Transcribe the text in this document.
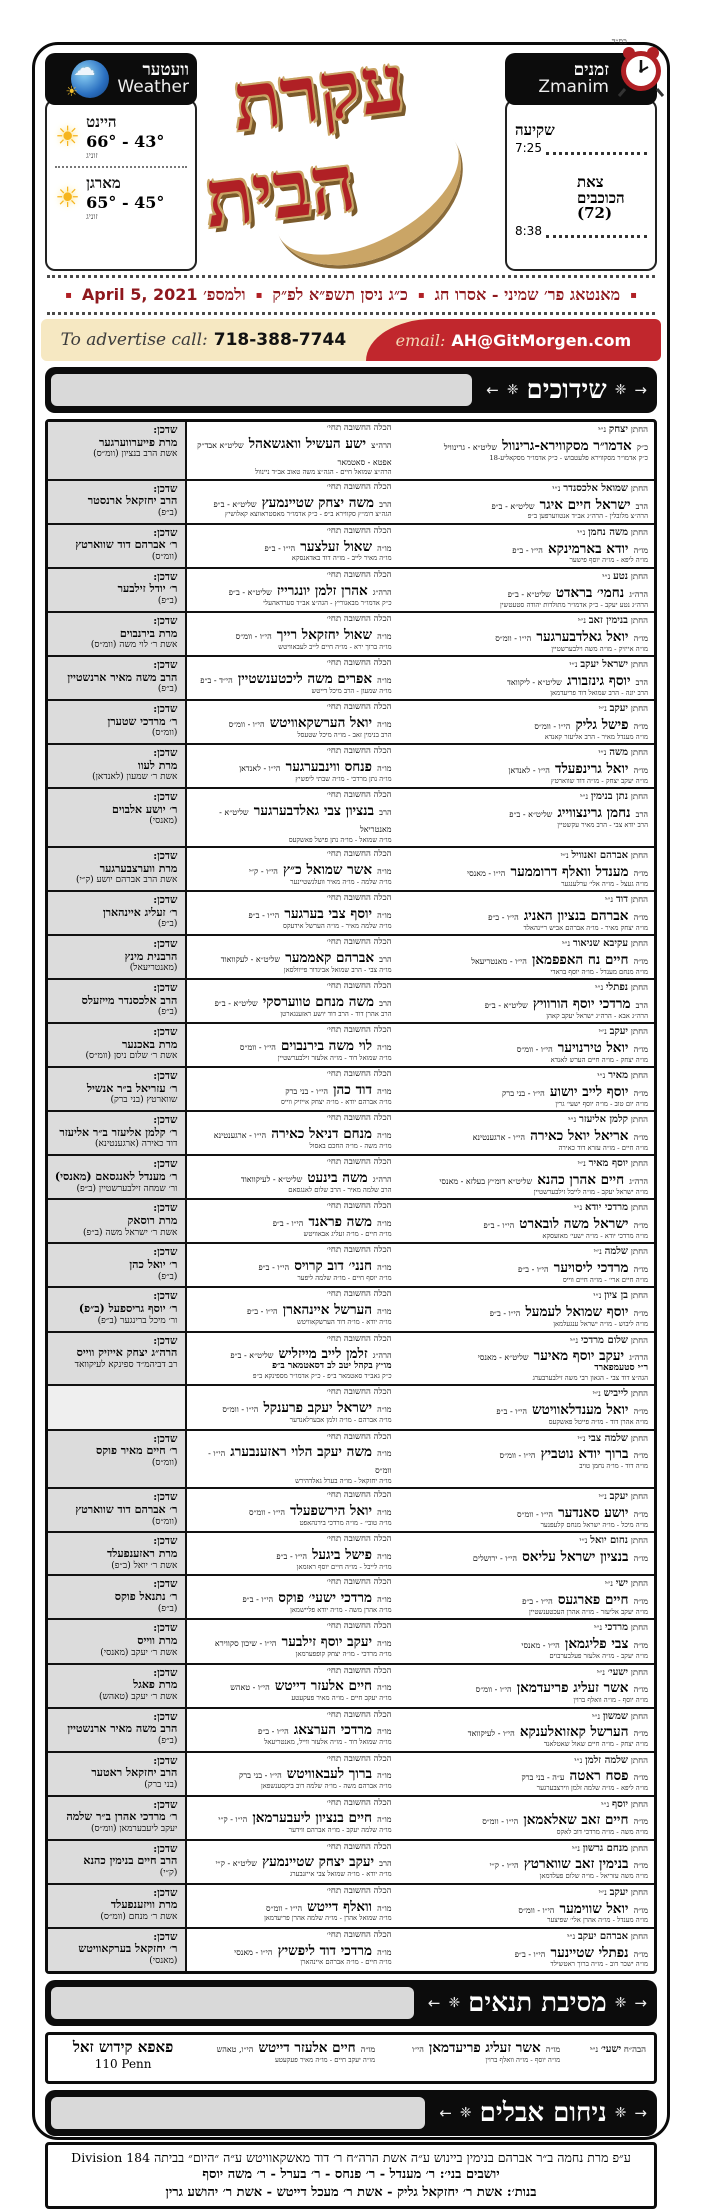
בס״ד
☁
☀
וועטער
Weather
היינט
66° - 43°
זוניג
☀
מארגן
65° - 45°
זוניג
☀
עקרת
הבית
זמנים
Zmanim
שקיעה
7:25
צאת הכוכבים (72)
8:38
▪מאנטאג פר׳ שמיני - אסרו חג▪כ״ג ניסן תשפ״א לפ״ק▪ולמספ׳ April 5, 2021▪
To advertise call: 718-388-7744	email: AH@GitMorgen.com
→
❈
שידוכים
❈
←
החתן יצחק נ״י
כ״ק אדמו״ר מסקווירא-גרינוול שליט״א - גרינוויל
כ״ק אדמו״ר מסקווירא פלעטבוש - כ״ק אדמו״ר מסקאליע-18
הכלה החשובה תחי׳
הרה״צ ישע העשיל וואגשאהל שליט״א אבד״ק אפטא - סאטמאר
הרה״צ שמואל חיים - הגה״צ משה טאוב אב״ד ניינוול
שדכן:
מרת פייערווערגער
אשת הרב בנציון (וומ״ס)
החתן שמואל אלכסנדר נ״י
הרב ישראל חיים איגר שליט״א - ב״פ
הרה״צ מלובלין - הרה״ג אב״ד אנטווערפען ב״פ
הכלה החשובה תחי׳
הרב משה יצחק שטיינמעץ שליט״א - ב״פ
הגה״צ דומ״ץ סקווירא ב״פ - כ״ק אדמו״ר מאסטראווצא קאלושיץ
שדכן:
הרב יחזקאל ארנסטר
(ב״פ)
החתן משה נחמן נ״י
מו״ה יודא בארמינקא הי״ו - ב״פ
מו״ה ליפא - מו״ה יוסף פישער
הכלה החשובה תחי׳
מו״ה שאול זעלצער הי״ו - ב״פ
מו״ה מאיר לייב - מו״ה דוד באדאנסקא
שדכן:
ר׳ אברהם דוד שווארטץ
(וומ״ס)
החתן נטע נ״י
הרה״ג נחמי׳ בראדט שליט״א - ב״פ
הרה״ג נטע יעקב - כ״ק אדמו״ר מתולדות יהודה סטעטשין
הכלה החשובה תחי׳
הרה״ג אהרן זלמן יונגרייז שליט״א - ב״פ
כ״ק אדמו״ר מבאגוריץ - הגה״צ אב״ד סערדאהעלי
שדכן:
ר׳ יודל זילבער
(ב״פ)
החתן בנימין זאב נ״י
מו״ה יואל גאלדבערגער הי״ו - וומ״ס
מו״ה אייזיק - מו״ה משה וילבערשטיין
הכלה החשובה תחי׳
מו״ה שאול יחזקאל רייך הי״ו - וומ״ס
מו״ה ברוך ירא - מו״ה חיים לייב לעבאוויטש
שדכן:
מרת בירנבוים
אשת ר׳ לוי משה (וומ״ס)
החתן ישראל יעקב נ״י
הרב יוסף גינזבורג שליט״א - ליקוואד
הרב יונה - הרב שמואל דוד פריעדמאן
הכלה החשובה תחי׳
מו״ה אפרים משה ליכטענשטיין הי״ד - ב״פ
מו״ה שמעון - הרב מיכל דייטש
שדכן:
הרב משה מאיר ארנשטיין
(ב״פ)
החתן יעקב נ״י
מו״ה פישל גליק הי״ו - וומ״ס
מו״ה מענדל מאיר - הרב אליעזר קאנדא
הכלה החשובה תחי׳
מו״ה יואל הערשקאוויטש הי״ו - וומ״ס
הרב בנימין זאב - מו״ה מיכל שטעסל
שדכן:
ר׳ מרדכי שטערן
(וומ״ס)
החתן משה נ״י
מו״ה יואל גרינפעלד הי״ו - לאנדאן
מו״ה יעקב יצחק - מו״ה דוד שווארטץ
הכלה החשובה תחי׳
מו״ה פנחס ווינבערגער הי״ו - לאנדאן
מו״ה נתן מרדכי - מו״ה שבתי ליפשיץ
שדכן:
מרת לעוו
אשת ר׳ שמעון (לאנדאן)
החתן נתן בנימין נ״י
הרב נחמן גרינצווייג שליט״א - ב״פ
הרב יודא צבי - הרב מאיר עקשטיין
הכלה החשובה תחי׳
הרב בנציון צבי גאלדבערגער שליט״א - מאנטריאל
מו״ה שמואל - מו״ה נתן פישל פאשקעס
שדכן:
ר׳ יושע אלבוים
(מאנסי)
החתן אברהם זאנוויל נ״י
מו״ה מענדל וואלף דרוממער הי״ו - מאנסי
מו״ה געצל - מו״ה אלי׳ ערלענגער
הכלה החשובה תחי׳
מו״ה אשר שמואל כ״ץ הי״ו - ק״י
מו״ה שלמה - מו״ה מאיר וועלנשטיינער
שדכן:
מרת ווערצבערגער
אשת הרב אברהם יושע (ק״י)
החתן דוד נ״י
מו״ה אברהם בנציון האניג הי״ו - ב״פ
מו״ה יצחק מאיר - מו״ה אברהם אביש ריינהאלד
הכלה החשובה תחי׳
מו״ה יוסף צבי בערגער הי״ו - ב״פ
מו״ה שלמה מאיר - מו״ה הערשל אידעקס
שדכן:
ר׳ זעליג איינהארן
(ב״פ)
החתן עקיבא שניאור נ״י
מו״ה חיים נח האפפמאן הי״ו - מאנטריעאל
מו״ה מנחם מענדל - מו״ה יוסף בראדי
הכלה החשובה תחי׳
הרב אברהם קאממער שליט״א - לעקוואוד
מו״ה צבי - הרב שמואל אביגדור פייוולסאן
שדכן:
הרבנית מינץ
(מאנטריעאל)
החתן נפתלי נ״י
הרב מרדכי יוסף הורוויץ שליט״א - ב״פ
הרה״ג אבא - הרה״ג ישראל יעקב קאהן
הכלה החשובה תחי׳
הרב משה מנחם טווערסקי שליט״א - ב״פ
הרב אהרן דוד - הרב דוד יושע ראזענגארטן
שדכן:
הרב אלכסנדר מייזעלס
(ב״פ)
החתן יעקב נ״י
מו״ה יואל טירנויער הי״ו - וומ״ס
מו״ה יצחק - מו״ה חיים הערש לאנדא
הכלה החשובה תחי׳
מו״ה לוי משה בירנבוים הי״ו - וומ״ס
מו״ה שמואל דוד - מו״ה אלעזר זילבערשטיין
שדכן:
מרת באכנער
אשת ר׳ שלום ניסן (וומ״ס)
החתן מאיר נ״י
מו״ה יוסף לייב יושוע הי״ו - בני ברק
מו״ה יום טוב - מו״ה יוסף ישעי׳ גרין
הכלה החשובה תחי׳
מו״ה דוד כהן הי״ו - בני ברק
מו״ה אברהם יודא - מו״ה יצחק אייזיק ווייס
שדכן:
ר׳ עזריאל ב״ר אנשיל
שווארטץ (בני ברק)
החתן קלמן אליעזר נ״י
מו״ה אריאל יואל כאירה הי״ו - ארגענטינא
מו״ה חיים - מו״ה עזרא דוד כאירה
הכלה החשובה תחי׳
מו״ה מנחם דניאל כאירה הי״ו - ארגענטינא
מו״ה משה - מו״ה החכם באסול
שדכן:
ר׳ קלמן אליעזר ב״ר אליעזר
דוד כאירה (ארגענטינא)
החתן יוסף מאיר נ״י
הרה״ג חיים אהרן כהנא שליט״א דומ״ץ בעלזא - מאנסי
מו״ה ישראל יעקב - מו״ה לייבל זילבערשטיין
הכלה החשובה תחי׳
הרה״ג משה בינעט שליט״א - לעיקוואוד
הרב שלמה מאיר - הרב שלום לאנגסאם
שדכן:
ר׳ מענדל לאנגסאם (מאנסי)
ור׳ שמחה זילבערשטיין (ב״פ)
החתן מרדכי יודא נ״י
מו״ה ישראל משה לובארט הי״ו - ב״פ
מו״ה מרדכי יודא - מו״ה ישעי׳ מאזעסקא
הכלה החשובה תחי׳
מו״ה משה פראנד הי״ו - ב״פ
מו״ה חיים - מו״ה זעליג אבאוויטש
שדכן:
מרת רוסאק
אשת ר׳ ישראל משה (ב״פ)
החתן שלמה נ״י
מו״ה מרדכי ליסויער הי״ו - ב״פ
מו״ה חיים ארי׳ - מו״ה חיים ווייס
הכלה החשובה תחי׳
מו״ה חנני׳ דוב קרויס הי״ו - ב״פ
מו״ה יוסף חיים - מו״ה שלמה ליפער
שדכן:
ר׳ יואל כהן
(ב״פ)
החתן בן ציון נ״י
מו״ה יוסף שמואל לעמעל הי״ו - ב״פ
מו״ה ליבוש - מו״ה ישראל ענגעלמאן
הכלה החשובה תחי׳
מו״ה הערשל איינהארן הי״ו - ב״פ
מו״ה יודא - מו״ה דוד הערשקאוויטש
שדכן:
ר׳ יוסף גריספעל (ב״פ)
ור׳ מיכל ברינגער (ב״פ)
החתן שלום מרדכי נ״י
הרה״ג יעקב יוסף מאיער שליט״א - מאנסי
ר״י סטעמפארד
הגה״צ דוד צבי - הגאון רבי משה זילבערבערג
הכלה החשובה תחי׳
הרה״ג זלמן לייב מייזליש שליט״א - ב״פ
מו״ץ בקהל יטב לב דסאטמאר ב״פ
כ״ק גאב״ד סאטמאר ב״פ - כ״ק אדמו״ר מספינקא ב״פ
שדכן:
הרה״ג יצחק אייזיק ווייס
רב דביהמ״ד ספינקא לעיקוואד
החתן לייביש נ״י
מו״ה יואל מענדלאוויטש הי״ו - ב״פ
מו״ה אהרן דוד - מו״ה פייטל פאשקעס
הכלה החשובה תחי׳
מו״ה ישראל יעקב פרענקל הי״ו - וומ״ס
מו״ה אברהם - מו״ה זלמן אבערלאנדער
החתן שלמה צבי נ״י
מו״ה ברוך יודא נוטביץ הי״ו - וומ״ס
מו״ה דוד - מו״ה נחמן טויב
הכלה החשובה תחי׳
מו״ה משה יעקב הלוי ראזענבערג הי״ו - וומ״ס
מו״ה יחזקאל - מו״ה בערל גאלדהירש
שדכן:
ר׳ חיים מאיר פוקס
(וומ״ס)
החתן יעקב נ״י
מו״ה יושע סאנדער הי״ו - וומ״ס
מו״ה מיכל - מו״ה ישראל מנחם קלעפנער
הכלה החשובה תחי׳
מו״ה יואל הירשפעלד הי״ו - וומ״ס
מו״ה טובי׳ - מו״ה מרדכי בירנהאפט
שדכן:
ר׳ אברהם דוד שווארטץ
(וומ״ס)
החתן נחום יואל נ״י
מו״ה בנציון ישראל עליאס הי״ו - ירושלים
הכלה החשובה תחי׳
מו״ה פישל ביגעל הי״ו - ב״פ
מו״ה לייבל - מו״ה חיים יוסף ראזמאן
שדכן:
מרת ראזענפעלד
אשת ר׳ יואל (ב״פ)
החתן ישי נ״י
מו״ה חיים פארגעס הי״ו - ב״פ
מו״ה יעקב אליעזר - מו״ה אהרן העכטענשטיין
הכלה החשובה תחי׳
מו״ה מרדכי ישעי׳ פוקס הי״ו - ב״פ
מו״ה אהרן משה - מו״ה יודא פליישמאן
שדכן:
ר׳ נתנאל פוקס
(ב״פ)
החתן מרדכי נ״י
מו״ה צבי פליגמאן הי״ו - מאנסי
מו״ה יעקב - מו״ה אלעזר פעלבערבוים
הכלה החשובה תחי׳
מו״ה יעקב יוסף זילבער הי״ו - שיכון סקווירא
מו״ה מרדכי - מו״ה יצחק קופפערמאן
שדכן:
מרת ווייס
אשת ר׳ יעקב (מאנסי)
החתן ישעי׳ נ״י
מו״ה אשר זעליג פריעדמאן הי״ו - וומ״ס
מו״ה יוסף - מו״ה וואלף ברוין
הכלה החשובה תחי׳
מו״ה חיים אלעזר דייטש הי״ו - טאהש
מו״ה יעקב חיים - מו״ה מאיר פעקעטע
שדכן:
מרת פאגל
אשת ר׳ יעקב (טאהש)
החתן שמשון נ״י
מו״ה הערשל קאזואלענקא הי״ו - לעיקוואד
מו״ה יצחק - מו״ה חיים שאול שאטלאנד
הכלה החשובה תחי׳
מו״ה מרדכי הערצאג הי״ו - ב״פ
מו״ה שמואל דוד - מו״ה אלעזר ווייל, מאנטריעאל
שדכן:
הרב משה מאיר ארנשטיין
(ב״פ)
החתן שלמה זלמן נ״י
מו״ה פסח ראטה ע״ה - בני ברק
מו״ה ליפא - מו״ה שלמה זלמן ווירצבערגער
הכלה החשובה תחי׳
מו״ה ברוך לעבאוויטש הי״ו - בני ברק
מו״ה אברהם משה - מו״ה שלמה דוב ביקסענשפאן
שדכן:
הרב יחזקאל ראטער
(בני ברק)
החתן יוסף נ״י
מו״ה חיים זאב שאלאמאן הי״ו - וומ״ס
מו״ה משה - מו״ה מרדכי דוב לאקס
הכלה החשובה תחי׳
מו״ה חיים בנציון ליעבערמאן הי״ו - ק״י
מו״ה שלמה יעקב - מו״ה אברהם ווידער
שדכן:
ר׳ מרדכי אהרן ב״ר שלמה
יעקב ליעבערמאן (וומ״ס)
החתן מנחם גרשון נ״י
מו״ה בנימין זאב שווארטץ הי״ו - ק״י
מו״ה משה עזריאל - מו״ה שלום פעלדמאן
הכלה החשובה תחי׳
הרב יעקב יצחק שטיינמעץ שליט״א - ק״י
מו״ה יודא - מו״ה שמואל צבי אייזנבערג
שדכן:
הרב חיים בנימין כהנא
(ק״י)
החתן יעקב נ״י
מו״ה יואל שווימער הי״ו - וומ״ס
מו״ה מענדל - מו״ה אהרן אלי׳ שפיצער
הכלה החשובה תחי׳
מו״ה וואלף דייטש הי״ו - וומ״ס
מו״ה שמואל אהרן - מו״ה שלמה אהרן פריעדמאן
שדכן:
מרת וויזענפעלד
אשת ר׳ מנחם (וומ״ס)
החתן אברהם יעקב נ״י
מו״ה נפתלי שטיינער הי״ו - ב״פ
מו״ה ישכר דוב - מו״ה ברוך ראטשילד
הכלה החשובה תחי׳
מו״ה מרדכי דוד ליפשיץ הי״ו - מאנסי
מו״ה חיים - מו״ה אברהם איינהארן
שדכן:
ר׳ יחזקאל בערקאוויטש
(מאנסי)
→
❈
מסיבת תנאים
❈
←
הבה״ח ישעי׳ נ״י
מו״ה אשר זעליג פריעדמאן הי״ו
מו״ה יוסף - מו״ה וואלף ברוין
מו״ה חיים אלעזר דייטש הי״ו, טאהש
מו״ה יעקב חיים - מו״ה מאיר פעקעטע
פאפא קידוש זאל
110 Penn
→
❈
ניחום אבלים
❈
←
ע״פ מרת נחמה ב״ר אברהם בנימין ביינוש ע״ה אשת הרה״ח ר׳ דוד מאשקאוויטש ע״ה ״היום״ בביתה 184 Division
יושבים בני׳: ר׳ מענדל - ר׳ פנחס - ר׳ בערל - ר׳ משה יוסף
בנות׳: אשת ר׳ יחזקאל גליק - אשת ר׳ מעכל דייטש - אשת ר׳ יהושע גרין
